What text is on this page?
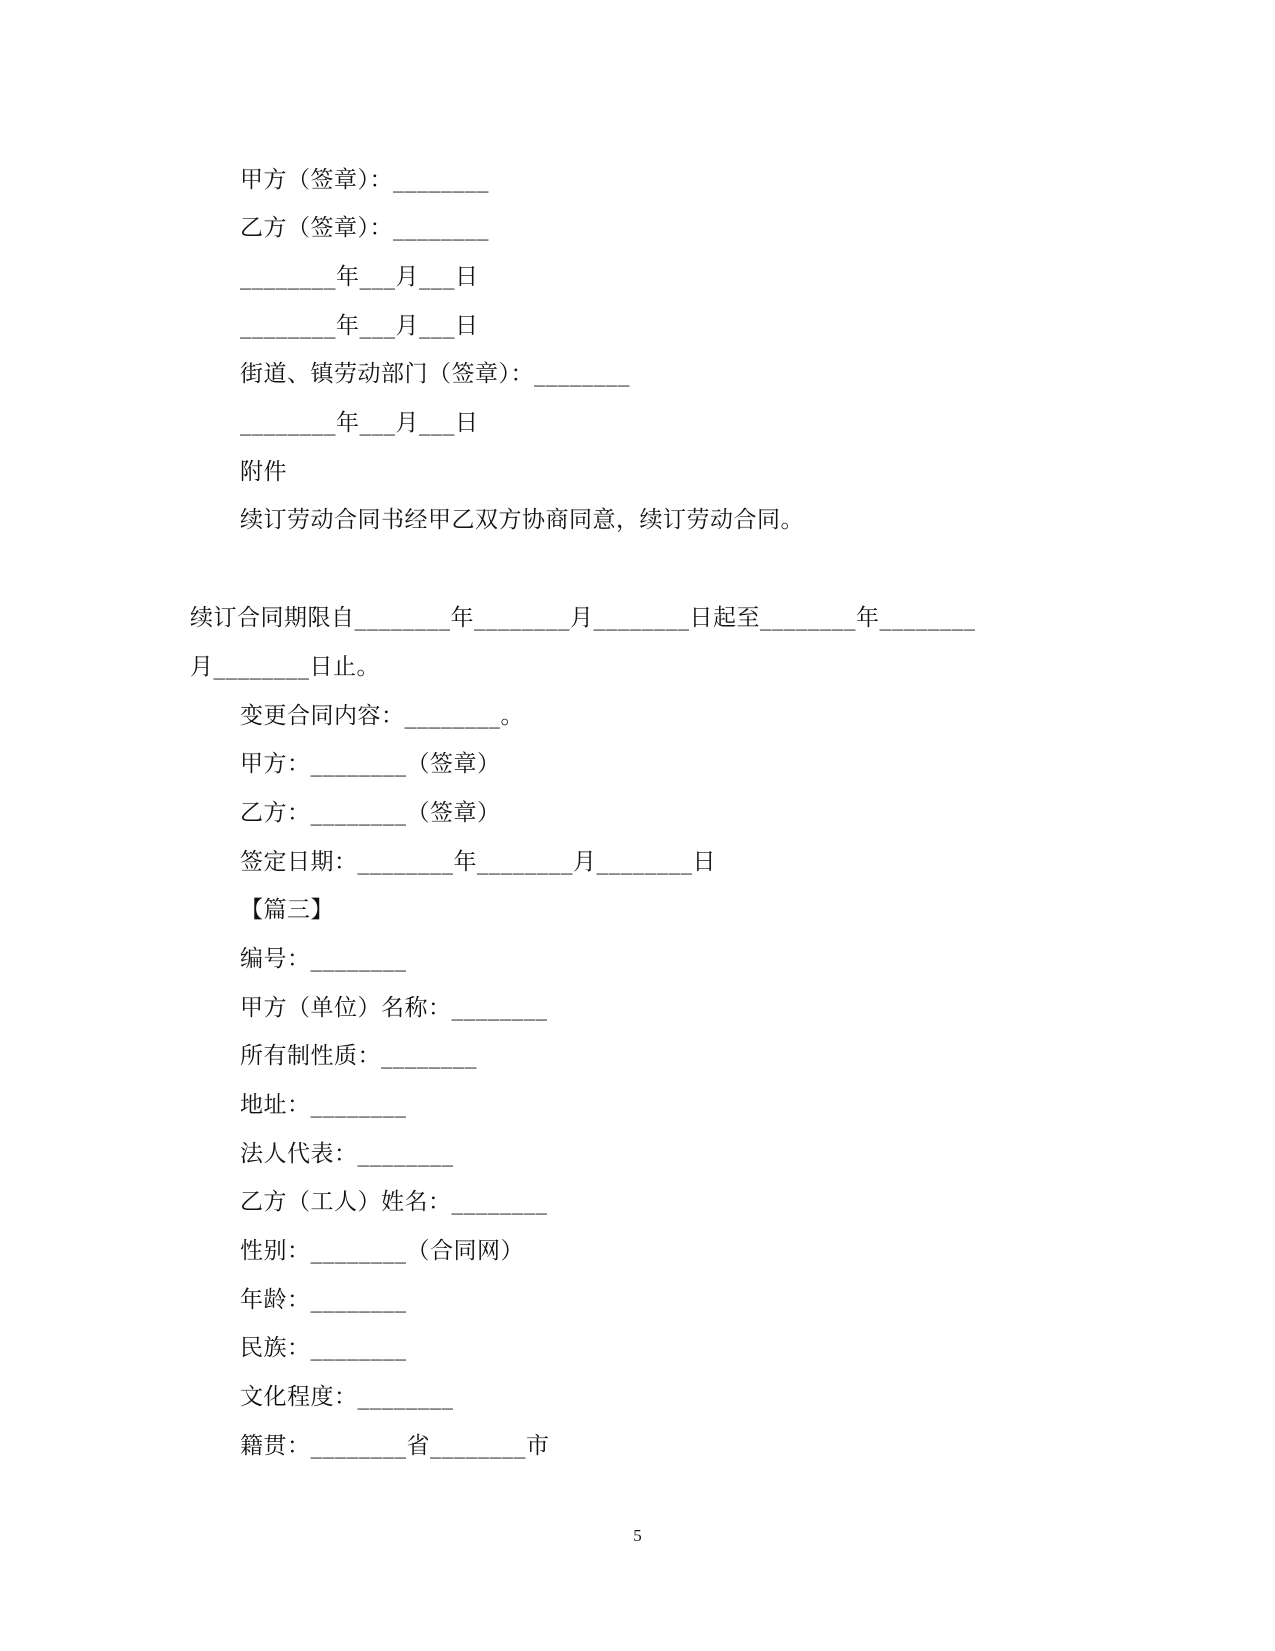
甲方（签章）：________
乙方（签章）：________
________年___月___日
________年___月___日
街道、镇劳动部门（签章）：________
________年___月___日
附件
续订劳动合同书经甲乙双方协商同意，续订劳动合同。
续订合同期限自________年________月________日起至________年________
月________日止。
变更合同内容：________。
甲方：________（签章）
乙方：________（签章）
签定日期：________年________月________日
【篇三】
编号：________
甲方（单位）名称：________
所有制性质：________
地址：________
法人代表：________
乙方（工人）姓名：________
性别：________（合同网）
年龄：________
民族：________
文化程度：________
籍贯：________省________市
5
